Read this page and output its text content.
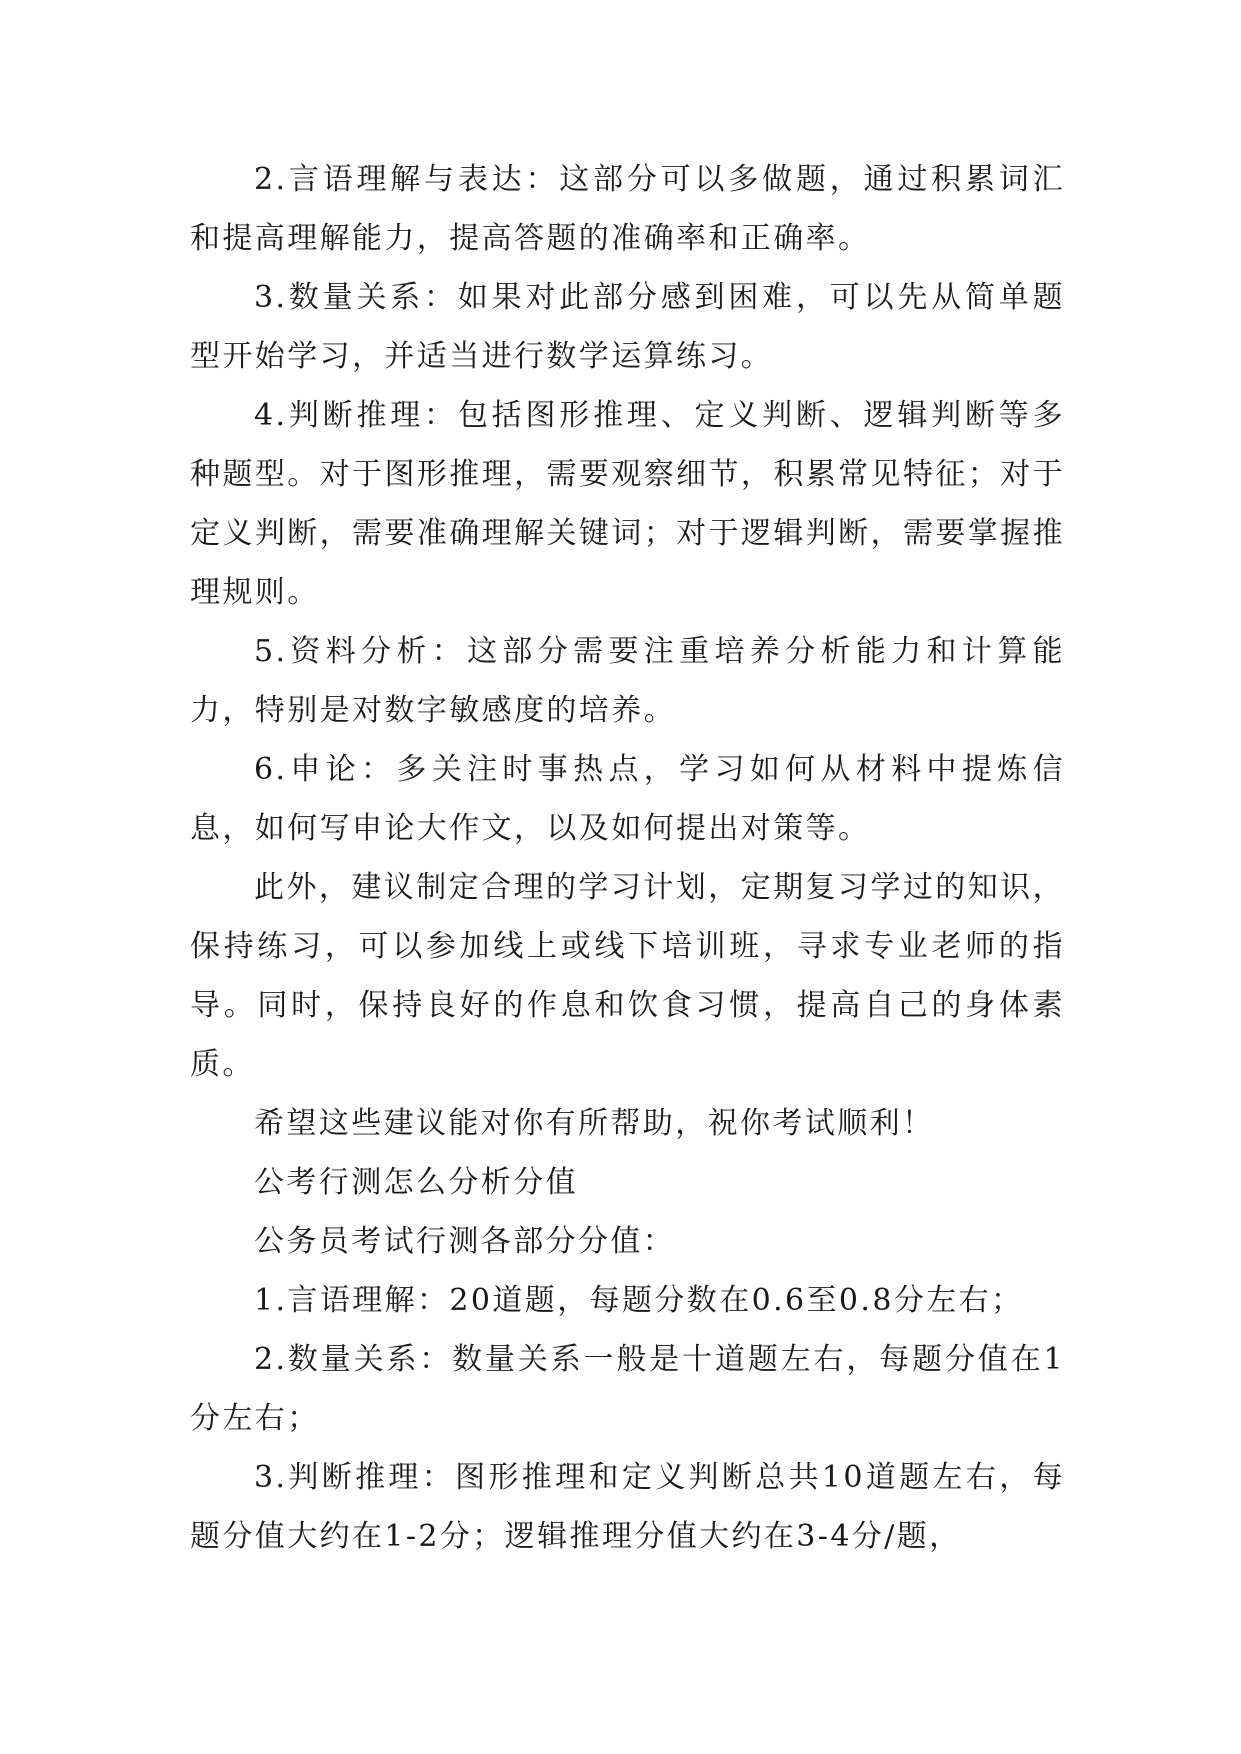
2.言语理解与表达：这部分可以多做题，通过积累词汇和提高理解能力，提高答题的准确率和正确率。

3.数量关系：如果对此部分感到困难，可以先从简单题型开始学习，并适当进行数学运算练习。

4.判断推理：包括图形推理、定义判断、逻辑判断等多种题型。对于图形推理，需要观察细节，积累常见特征；对于定义判断，需要准确理解关键词；对于逻辑判断，需要掌握推理规则。

5.资料分析：这部分需要注重培养分析能力和计算能力，特别是对数字敏感度的培养。

6.申论：多关注时事热点，学习如何从材料中提炼信息，如何写申论大作文，以及如何提出对策等。

此外，建议制定合理的学习计划，定期复习学过的知识，保持练习，可以参加线上或线下培训班，寻求专业老师的指导。同时，保持良好的作息和饮食习惯，提高自己的身体素质。

希望这些建议能对你有所帮助，祝你考试顺利！

公考行测怎么分析分值

公务员考试行测各部分分值：

1.言语理解：20道题，每题分数在0.6至0.8分左右；

2.数量关系：数量关系一般是十道题左右，每题分值在1分左右；

3.判断推理：图形推理和定义判断总共10道题左右，每题分值大约在1-2分；逻辑推理分值大约在3-4分/题，
